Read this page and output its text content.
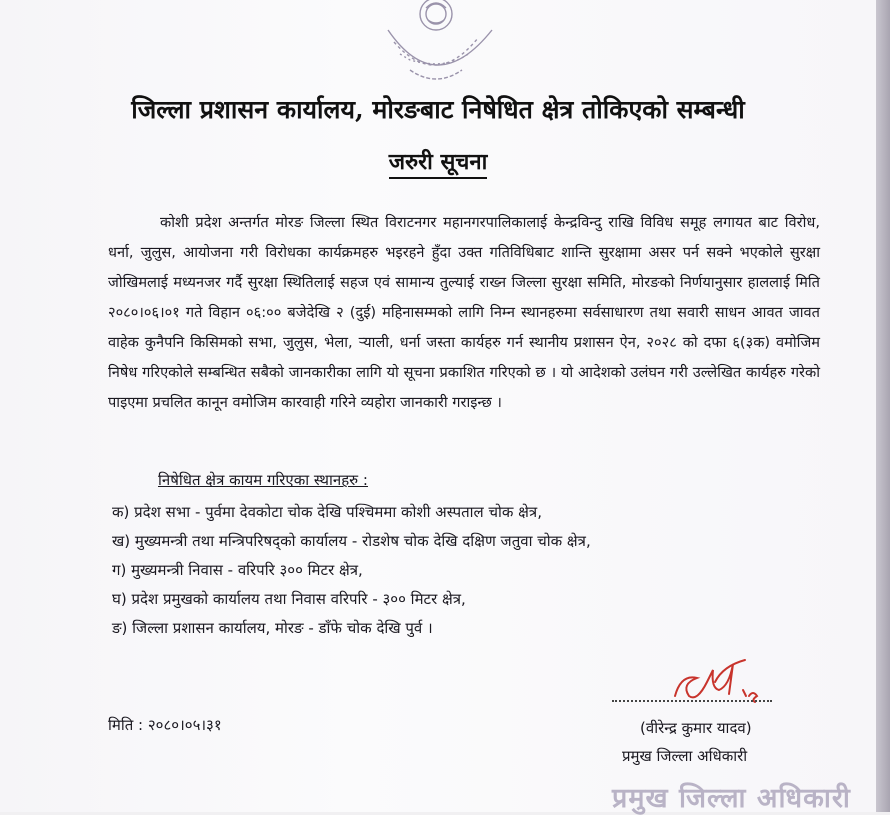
जिल्ला प्रशासन कार्यालय, मोरङबाट निषेधित क्षेत्र तोकिएको सम्बन्धी
जरुरी सूचना

कोशी प्रदेश अन्तर्गत मोरङ जिल्ला स्थित विराटनगर महानगरपालिकालाई केन्द्रविन्दु राखि विविध समूह लगायत बाट विरोध, धर्ना, जुलुस, आयोजना गरी विरोधका कार्यक्रमहरु भइरहने हुँदा उक्त गतिविधिबाट शान्ति सुरक्षामा असर पर्न सक्ने भएकोले सुरक्षा जोखिमलाई मध्यनजर गर्दै सुरक्षा स्थितिलाई सहज एवं सामान्य तुल्याई राख्न जिल्ला सुरक्षा समिति, मोरङको निर्णयानुसार हाललाई मिति २०८०।०६।०१ गते विहान ०६:०० बजेदेखि २ (दुई) महिनासम्मको लागि निम्न स्थानहरुमा सर्वसाधारण तथा सवारी साधन आवत जावत वाहेक कुनैपनि किसिमको सभा, जुलुस, भेला, र्‍याली, धर्ना जस्ता कार्यहरु गर्न स्थानीय प्रशासन ऐन, २०२८ को दफा ६(३क) वमोजिम निषेध गरिएकोले सम्बन्धित सबैको जानकारीका लागि यो सूचना प्रकाशित गरिएको छ । यो आदेशको उलंघन गरी उल्लेखित कार्यहरु गरेको पाइएमा प्रचलित कानून वमोजिम कारवाही गरिने व्यहोरा जानकारी गराइन्छ ।

निषेधित क्षेत्र कायम गरिएका स्थानहरु :
क) प्रदेश सभा - पुर्वमा देवकोटा चोक देखि पश्चिममा कोशी अस्पताल चोक क्षेत्र,
ख) मुख्यमन्त्री तथा मन्त्रिपरिषद्को कार्यालय - रोडशेष चोक देखि दक्षिण जतुवा चोक क्षेत्र,
ग) मुख्यमन्त्री निवास - वरिपरि ३०० मिटर क्षेत्र,
घ) प्रदेश प्रमुखको कार्यालय तथा निवास वरिपरि - ३०० मिटर क्षेत्र,
ङ) जिल्ला प्रशासन कार्यालय, मोरङ - डाँफे चोक देखि पुर्व ।
मिति : २०८०।०५।३१	(वीरेन्द्र कुमार यादव)
प्रमुख जिल्ला अधिकारी
प्रमुख जिल्ला अधिकारी
